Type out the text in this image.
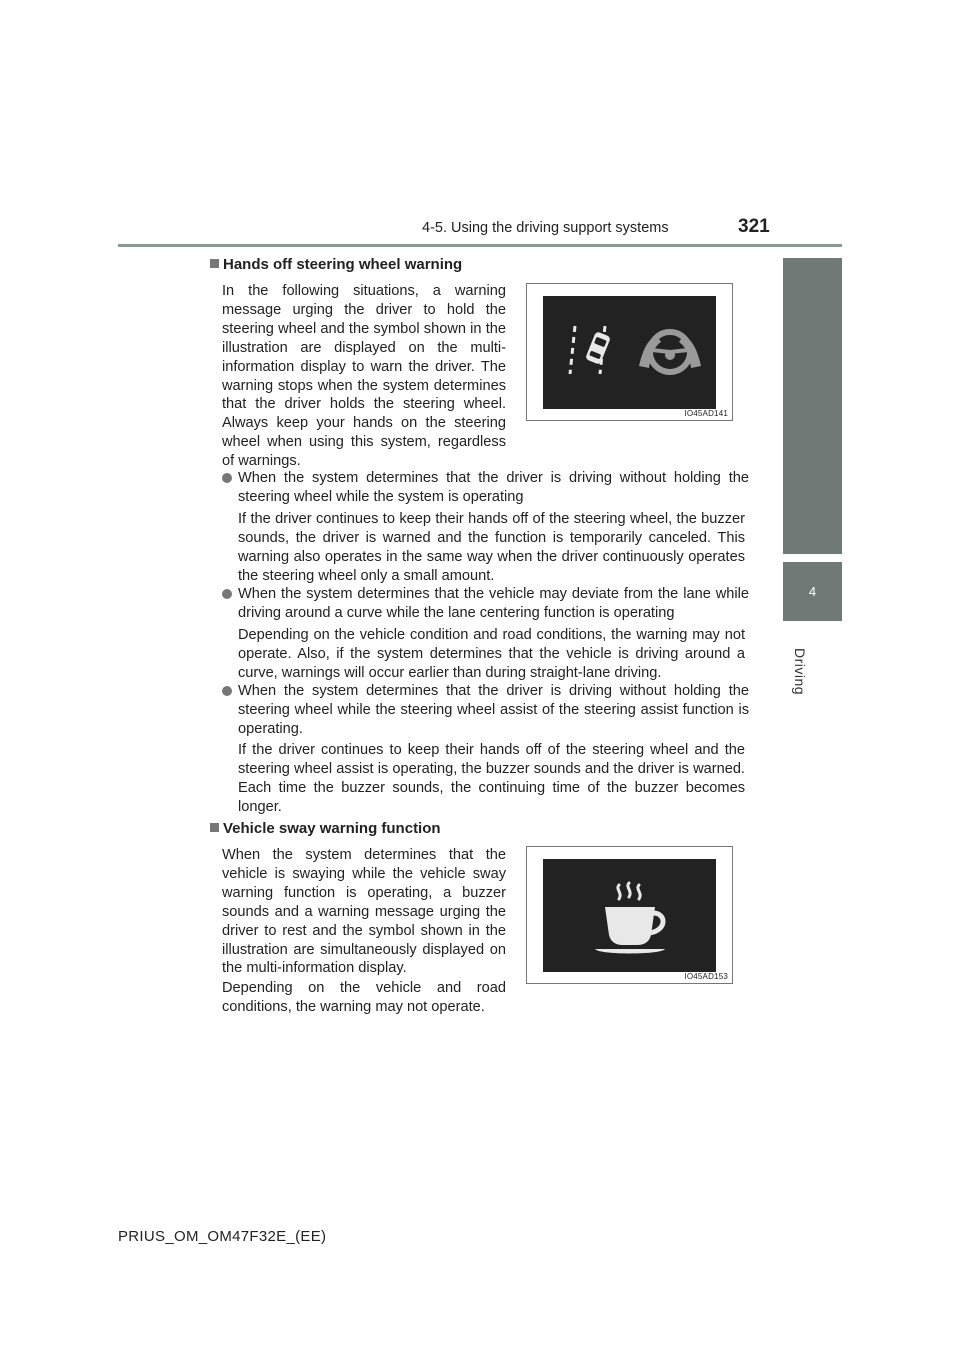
4-5. Using the driving support systems	321
4
Driving
Hands off steering wheel warning

In the following situations, a warning message urging the driver to hold the steering wheel and the symbol shown in the illustration are displayed on the multi-information display to warn the driver. The warning stops when the system determines that the driver holds the steering wheel. Always keep your hands on the steering wheel when using this system, regardless of warnings.

IO45AD141
When the system determines that the driver is driving without holding the steering wheel while the system is operating

If the driver continues to keep their hands off of the steering wheel, the buzzer sounds, the driver is warned and the function is temporarily canceled. This warning also operates in the same way when the driver continuously operates the steering wheel only a small amount.

When the system determines that the vehicle may deviate from the lane while driving around a curve while the lane centering function is operating

Depending on the vehicle condition and road conditions, the warning may not operate. Also, if the system determines that the vehicle is driving around a curve, warnings will occur earlier than during straight-lane driving.

When the system determines that the driver is driving without holding the steering wheel while the steering wheel assist of the steering assist function is operating.

If the driver continues to keep their hands off of the steering wheel and the steering wheel assist is operating, the buzzer sounds and the driver is warned. Each time the buzzer sounds, the continuing time of the buzzer becomes longer.

Vehicle sway warning function

When the system determines that the vehicle is swaying while the vehicle sway warning function is operating, a buzzer sounds and a warning message urging the driver to rest and the symbol shown in the illustration are simultaneously displayed on the multi-information display.

Depending on the vehicle and road conditions, the warning may not operate.

IO45AD153
PRIUS_OM_OM47F32E_(EE)
